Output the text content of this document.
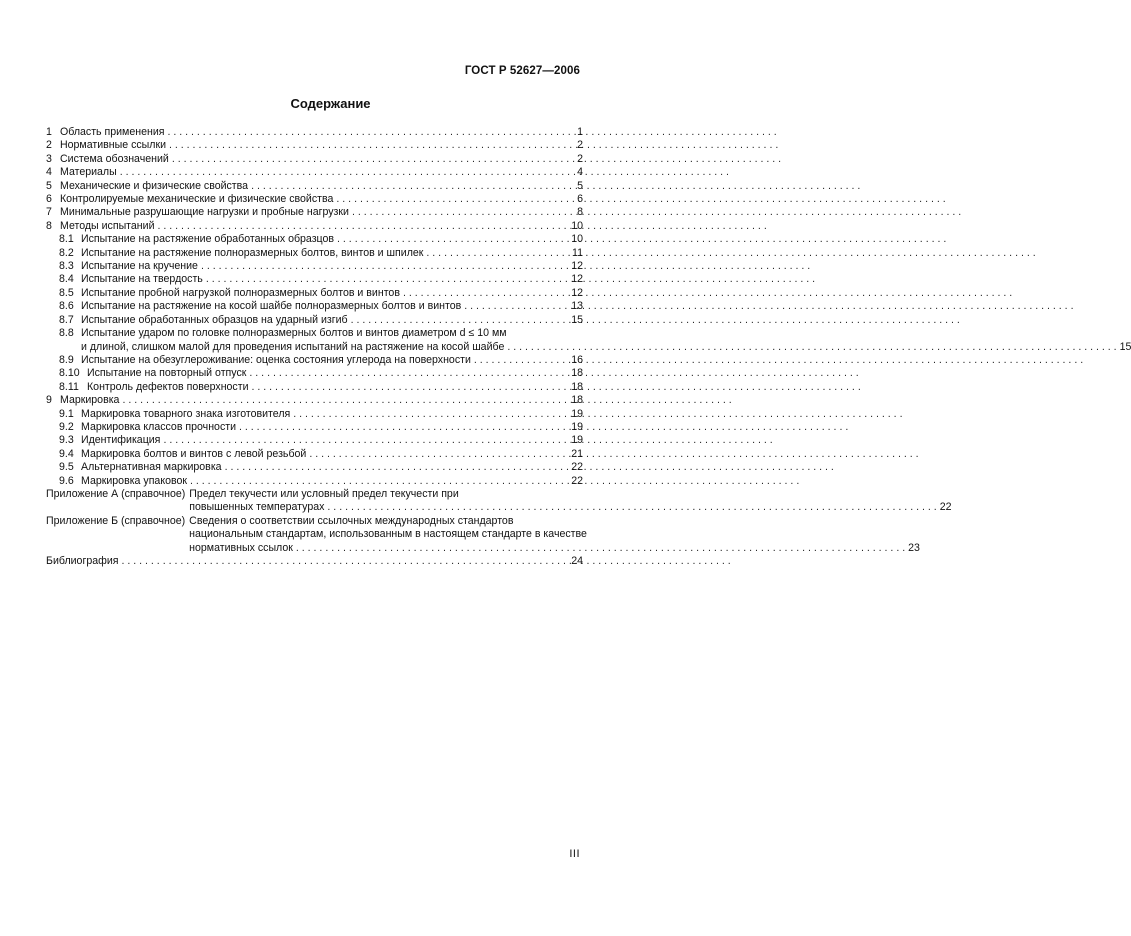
ГОСТ Р 52627—2006
Содержание
1 Область применения . . .	1
2 Нормативные ссылки . . .	2
3 Система обозначений . . .	2
4 Материалы . . .	4
5 Механические и физические свойства . . .	5
6 Контролируемые механические и физические свойства . . .	6
7 Минимальные разрушающие нагрузки и пробные нагрузки . . .	8
8 Методы испытаний . . .	10
8.1 Испытание на растяжение обработанных образцов . . .	10
8.2 Испытание на растяжение полноразмерных болтов, винтов и шпилек . . .	11
8.3 Испытание на кручение . . .	12
8.4 Испытание на твердость . . .	12
8.5 Испытание пробной нагрузкой полноразмерных болтов и винтов . . .	12
8.6 Испытание на растяжение на косой шайбе полноразмерных болтов и винтов . . .	13
8.7 Испытание обработанных образцов на ударный изгиб . . .	15
8.8 Испытание ударом по головке полноразмерных болтов и винтов диаметром d ≤ 10 мм
и длиной, слишком малой для проведения испытаний на растяжение на косой шайбе . . .	15
8.9 Испытание на обезуглероживание: оценка состояния углерода на поверхности . . .	16
8.10 Испытание на повторный отпуск . . .	18
8.11 Контроль дефектов поверхности . . .	18
9 Маркировка . . .	18
9.1 Маркировка товарного знака изготовителя . . .	19
9.2 Маркировка классов прочности . . .	19
9.3 Идентификация . . .	19
9.4 Маркировка болтов и винтов с левой резьбой . . .	21
9.5 Альтернативная маркировка . . .	22
9.6 Маркировка упаковок . . .	22
Приложение А (справочное) Предел текучести или условный предел текучести при
повышенных температурах . . .	22
Приложение Б (справочное) Сведения о соответствии ссылочных международных стандартов
национальным стандартам, использованным в настоящем стандарте в качестве
нормативных ссылок . . .	23
Библиография . . .	24
III
